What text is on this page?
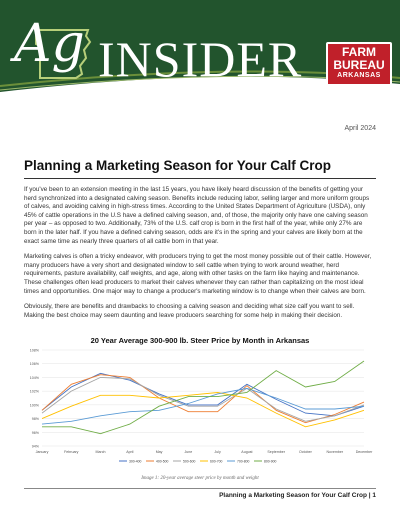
Ag INSIDER	FARM
BUREAU
ARKANSAS
April 2024
Planning a Marketing Season for Your Calf Crop

If you've been to an extension meeting in the last 15 years, you have likely heard discussion of the benefits of getting your herd synchronized into a designated calving season. Benefits include reducing labor, selling larger and more uniform groups of calves, and avoiding calving in high-stress times. According to the United States Department of Agriculture (USDA), only 45% of cattle operations in the U.S have a defined calving season, and, of those, the majority only have one calving season per year – as opposed to two. Additionally, 73% of the U.S. calf crop is born in the first half of the year, while only 27% are born in the later half. If you have a defined calving season, odds are it's in the spring and your calves are likely born at the exact same time as nearly three quarters of all cattle born in that year.

Marketing calves is often a tricky endeavor, with producers trying to get the most money possible out of their cattle. However, many producers have a very short and designated window to sell cattle when trying to work around weather, herd requirements, pasture availability, calf weights, and age, along with other tasks on the farm like haying and maintenance. These challenges often lead producers to market their calves whenever they can rather than capitalizing on the most ideal times and opportunities. One major way to change a producer's marketing window is to change when their calves are born.

Obviously, there are benefits and drawbacks to choosing a calving season and deciding what size calf you want to sell. Making the best choice may seem daunting and leave producers searching for some help in making their decision.

20 Year Average 300-900 lb. Steer Price by Month in Arkansas
94%
96%
98%
100%
102%
104%
106%
108%
January	February	March	April	May	June	July	August	September	October	November	December
300-400	400-500	500-600	600-700	700-800	800-900
Image 1: 20-year average steer price by month and weight
Planning a Marketing Season for Your Calf Crop | 1
